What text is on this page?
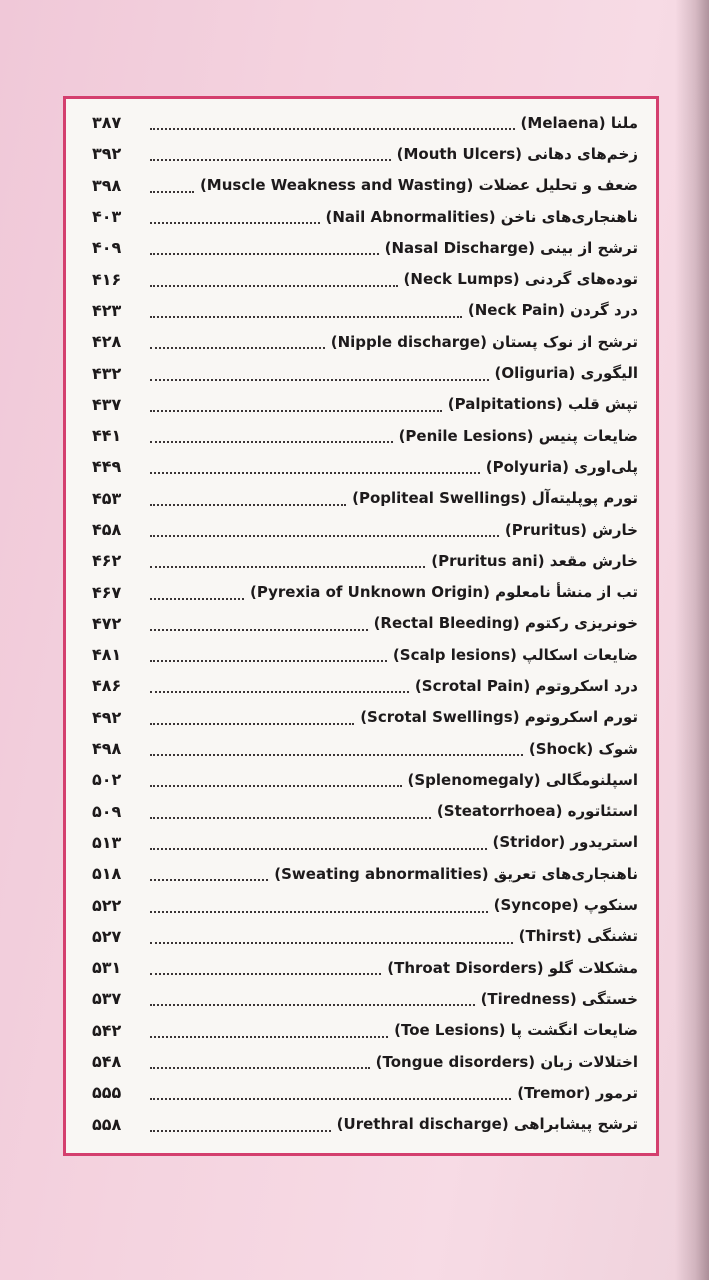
ملنا (Melaena)
۳۸۷
زخم‌های دهانی (Mouth Ulcers)
۳۹۲
ضعف و تحلیل عضلات (Muscle Weakness and Wasting)
۳۹۸
ناهنجاری‌های ناخن (Nail Abnormalities)
۴۰۳
ترشح از بینی (Nasal Discharge)
۴۰۹
توده‌های گردنی (Neck Lumps)
۴۱۶
درد گردن (Neck Pain)
۴۲۳
ترشح از نوک پستان (Nipple discharge)
۴۲۸
الیگوری (Oliguria)
۴۳۲
تپش قلب (Palpitations)
۴۳۷
ضایعات پنیس (Penile Lesions)
۴۴۱
پلی‌اوری (Polyuria)
۴۴۹
تورم پوپلیته‌آل (Popliteal Swellings)
۴۵۳
خارش (Pruritus)
۴۵۸
خارش مقعد (Pruritus ani)
۴۶۲
تب از منشأ نامعلوم (Pyrexia of Unknown Origin)
۴۶۷
خونریزی رکتوم (Rectal Bleeding)
۴۷۲
ضایعات اسکالپ (Scalp lesions)
۴۸۱
درد اسکروتوم (Scrotal Pain)
۴۸۶
تورم اسکروتوم (Scrotal Swellings)
۴۹۲
شوک (Shock)
۴۹۸
اسپلنومگالی (Splenomegaly)
۵۰۲
استئاتوره (Steatorrhoea)
۵۰۹
استریدور (Stridor)
۵۱۳
ناهنجاری‌های تعریق (Sweating abnormalities)
۵۱۸
سنکوپ (Syncope)
۵۲۲
تشنگی (Thirst)
۵۲۷
مشکلات گلو (Throat Disorders)
۵۳۱
خستگی (Tiredness)
۵۳۷
ضایعات انگشت پا (Toe Lesions)
۵۴۲
اختلالات زبان (Tongue disorders)
۵۴۸
ترمور (Tremor)
۵۵۵
ترشح پیشابراهی (Urethral discharge)
۵۵۸
